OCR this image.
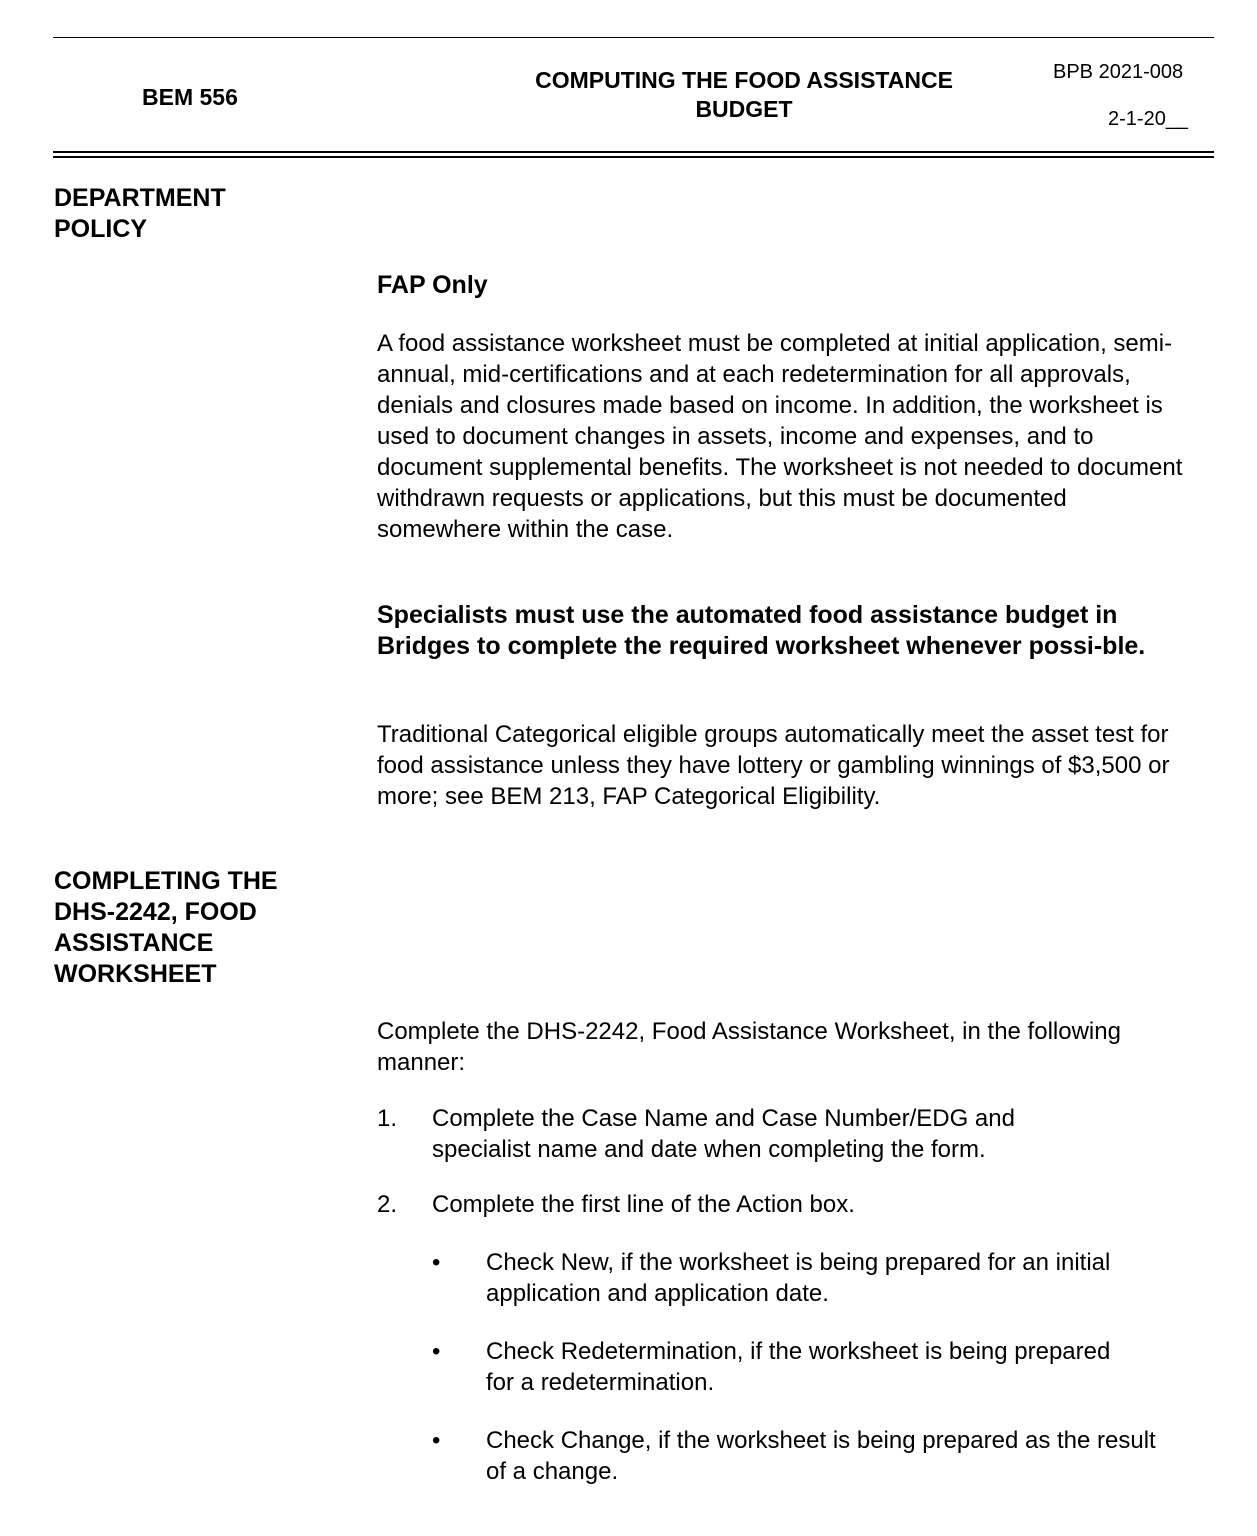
BEM 556
COMPUTING THE FOOD ASSISTANCE
BUDGET
BPB 2021-008
2-1-20__
DEPARTMENT
POLICY
FAP Only

A food assistance worksheet must be completed at initial application, semi-annual, mid-certifications and at each redetermination for all approvals, denials and closures made based on income. In addition, the worksheet is used to document changes in assets, income and expenses, and to document supplemental benefits. The worksheet is not needed to document withdrawn requests or applications, but this must be documented somewhere within the case.

Specialists must use the automated food assistance budget in Bridges to complete the required worksheet whenever possi-ble.

Traditional Categorical eligible groups automatically meet the asset test for food assistance unless they have lottery or gambling winnings of $3,500 or more; see BEM 213, FAP Categorical Eligibility.

COMPLETING THE
DHS-2242, FOOD
ASSISTANCE
WORKSHEET

Complete the DHS-2242, Food Assistance Worksheet, in the following manner:

1. Complete the Case Name and Case Number/EDG and specialist name and date when completing the form.
2. Complete the first line of the Action box.
• Check New, if the worksheet is being prepared for an initial application and application date.
• Check Redetermination, if the worksheet is being prepared for a redetermination.
• Check Change, if the worksheet is being prepared as the result of a change.
